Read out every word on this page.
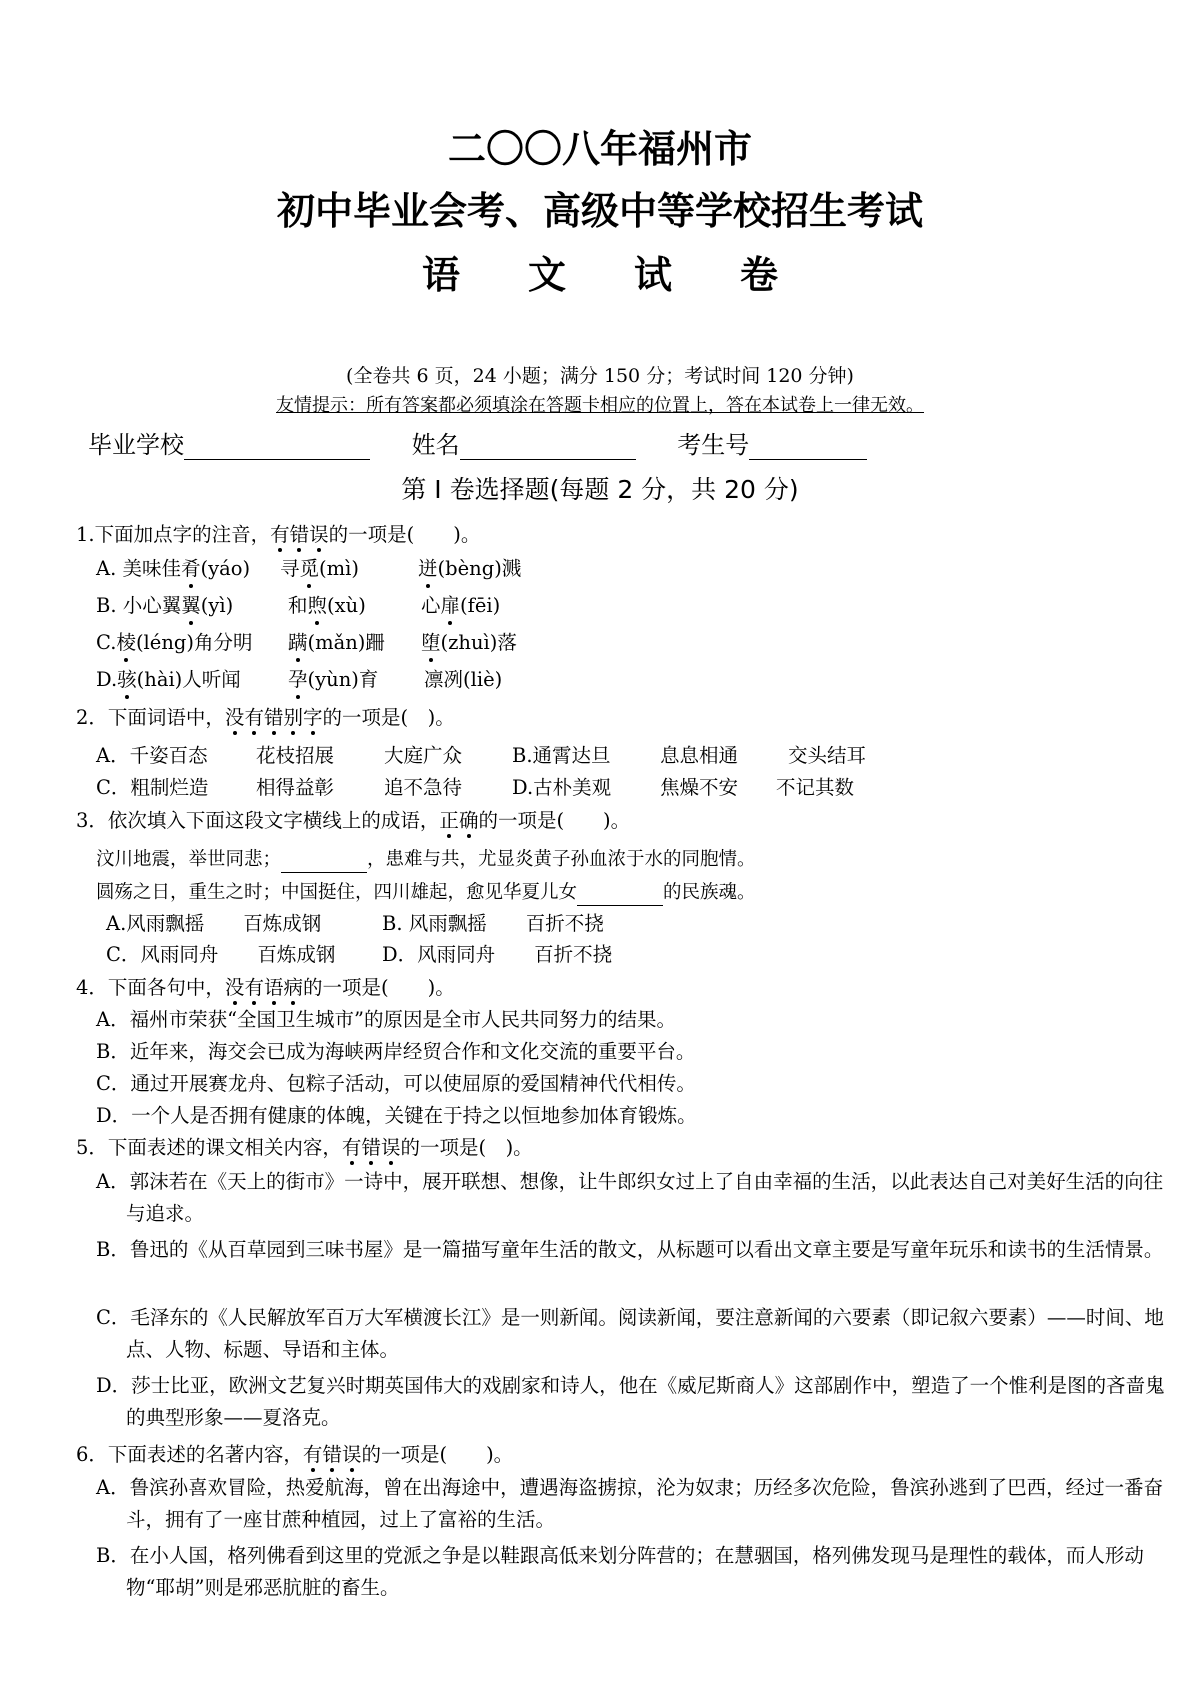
二〇〇八年福州市
初中毕业会考、高级中等学校招生考试
语 文 试 卷
(全卷共 6 页，24 小题；满分 150 分；考试时间 120 分钟)
友情提示：所有答案都必须填涂在答题卡相应的位置上，答在本试卷上一律无效。
毕业学校	姓名	考生号
第 I 卷选择题(每题 2 分，共 20 分)
1.下面加点字的注音，有错误的一项是(　　)。
A. 美味佳肴(yáo) 寻觅(mì)	迸(bèng)溅
B. 小心翼翼(yì)	和煦(xù)	心扉(fēi)
C.棱(léng)角分明 蹒(mǎn)跚 堕(zhuì)落
D.骇(hài)人听闻 孕(yùn)育 凛冽(liè)
2．下面词语中，没有错别字的一项是(　)。
A．千姿百态 花枝招展	大庭广众	B.通霄达旦	息息相通	交头结耳
C．粗制烂造 相得益彰	追不急待	D.古朴美观	焦燥不安 不记其数
3．依次填入下面这段文字横线上的成语，正确的一项是(　　)。
汶川地震，举世同悲；	，患难与共，尤显炎黄子孙血浓于水的同胞情。
圆殇之日，重生之时；中国挺住，四川雄起，愈见华夏儿女	的民族魂。
A.风雨飘摇　　百炼成钢	B. 风雨飘摇　　百折不挠
C．风雨同舟　　百炼成钢 D．风雨同舟　　百折不挠
4．下面各句中，没有语病的一项是(　　)。
A．福州市荣获“全国卫生城市”的原因是全市人民共同努力的结果。
B．近年来，海交会已成为海峡两岸经贸合作和文化交流的重要平台。
C．通过开展赛龙舟、包粽子活动，可以使屈原的爱国精神代代相传。
D．一个人是否拥有健康的体魄，关键在于持之以恒地参加体育锻炼。
5．下面表述的课文相关内容，有错误的一项是(　)。
A．郭沫若在《天上的街市》一诗中，展开联想、想像，让牛郎织女过上了自由幸福的生活，以此表达自己对美好生活的向往与追求。
B．鲁迅的《从百草园到三味书屋》是一篇描写童年生活的散文，从标题可以看出文章主要是写童年玩乐和读书的生活情景。
C．毛泽东的《人民解放军百万大军横渡长江》是一则新闻。阅读新闻，要注意新闻的六要素（即记叙六要素）——时间、地点、人物、标题、导语和主体。
D．莎士比亚，欧洲文艺复兴时期英国伟大的戏剧家和诗人，他在《威尼斯商人》这部剧作中，塑造了一个惟利是图的吝啬鬼的典型形象——夏洛克。
6．下面表述的名著内容，有错误的一项是(　　)。
A．鲁滨孙喜欢冒险，热爱航海，曾在出海途中，遭遇海盗掳掠，沦为奴隶；历经多次危险，鲁滨孙逃到了巴西，经过一番奋斗，拥有了一座甘蔗种植园，过上了富裕的生活。
B．在小人国，格列佛看到这里的党派之争是以鞋跟高低来划分阵营的；在慧骃国，格列佛发现马是理性的载体，而人形动物“耶胡”则是邪恶肮脏的畜生。
